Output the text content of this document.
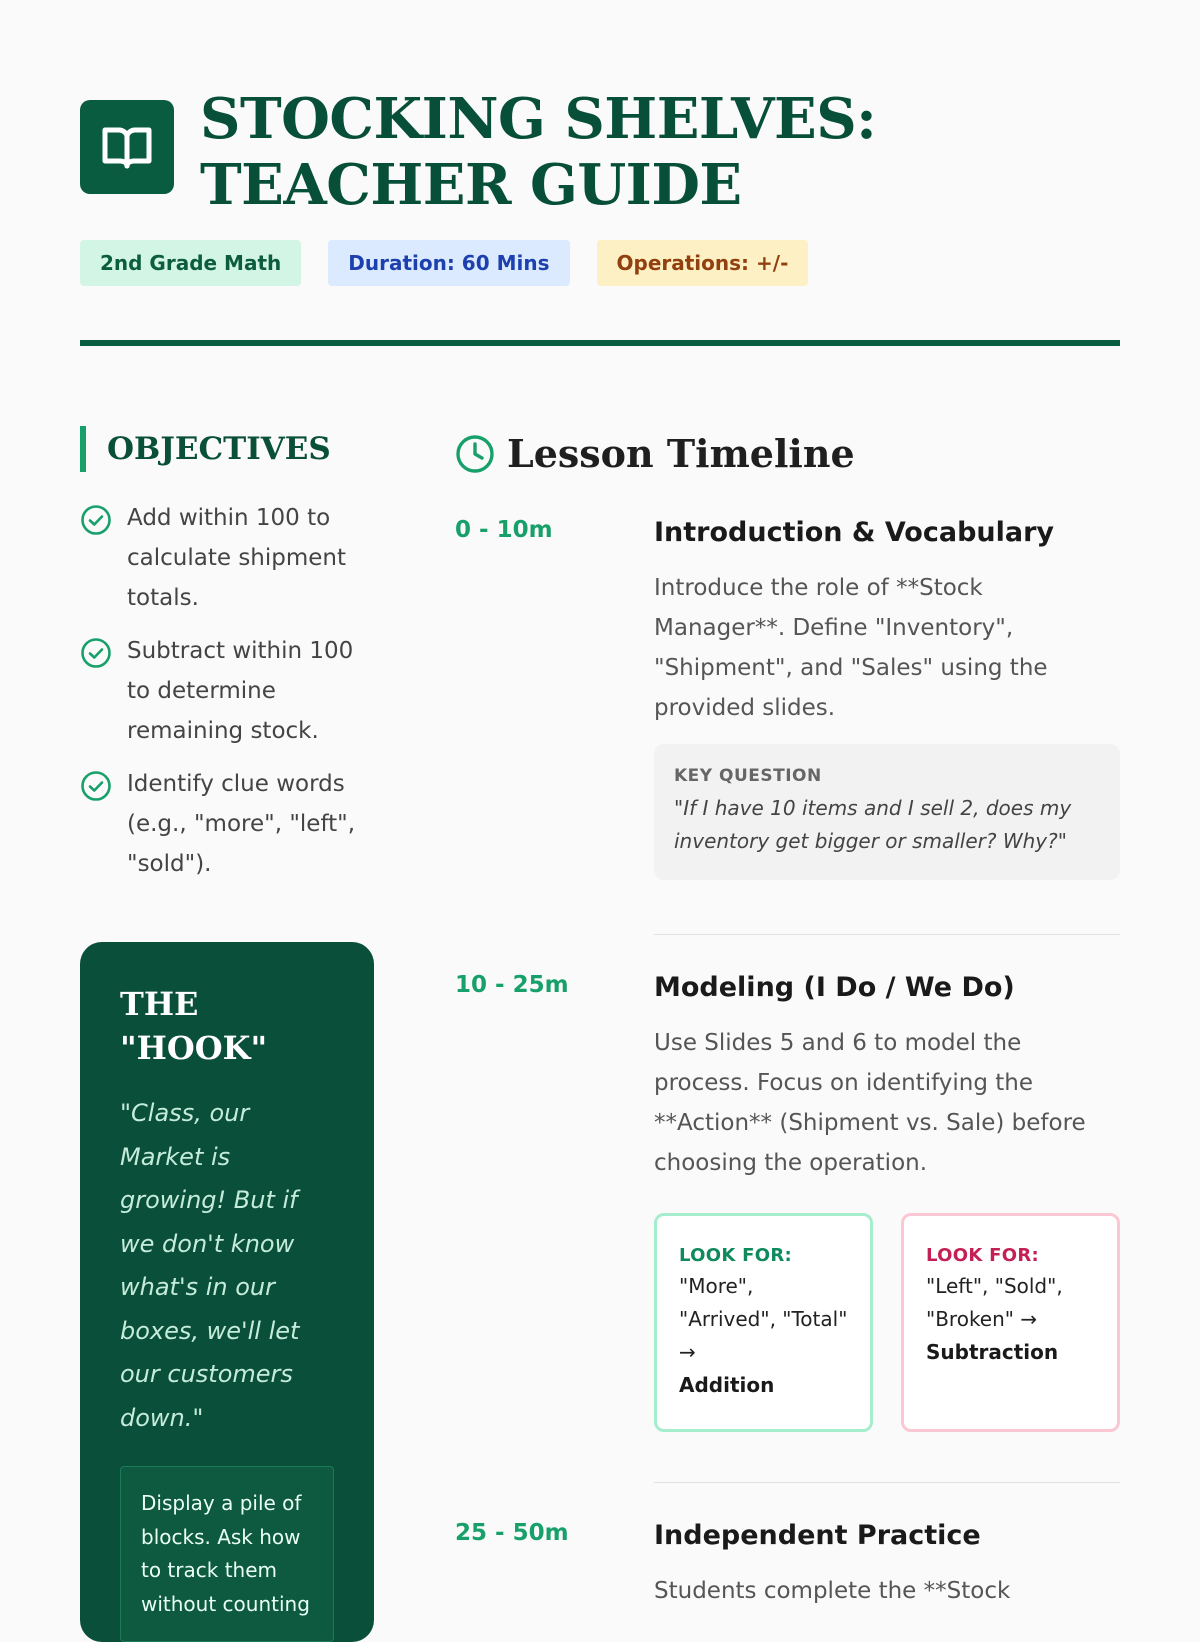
STOCKING SHELVES: TEACHER GUIDE
2nd Grade Math	Duration: 60 Mins	Operations: +/-
OBJECTIVES
Add within 100 to calculate shipment totals.
Subtract within 100 to determine remaining stock.
Identify clue words (e.g., "more", "left", "sold").
THE "HOOK"

"Class, our Market is growing! But if we don't know what's in our boxes, we'll let our customers down."

Display a pile of blocks. Ask how to track them without counting
Lesson Timeline
0 - 10m	Introduction & Vocabulary

Introduce the role of **Stock Manager**. Define "Inventory", "Shipment", and "Sales" using the provided slides.

KEY QUESTION
"If I have 10 items and I sell 2, does my inventory get bigger or smaller? Why?"
10 - 25m	Modeling (I Do / We Do)

Use Slides 5 and 6 to model the process. Focus on identifying the **Action** (Shipment vs. Sale) before choosing the operation.

LOOK FOR:
"More", "Arrived", "Total" →
Addition
LOOK FOR:
"Left", "Sold", "Broken" →
Subtraction
25 - 50m	Independent Practice

Students complete the **Stock
